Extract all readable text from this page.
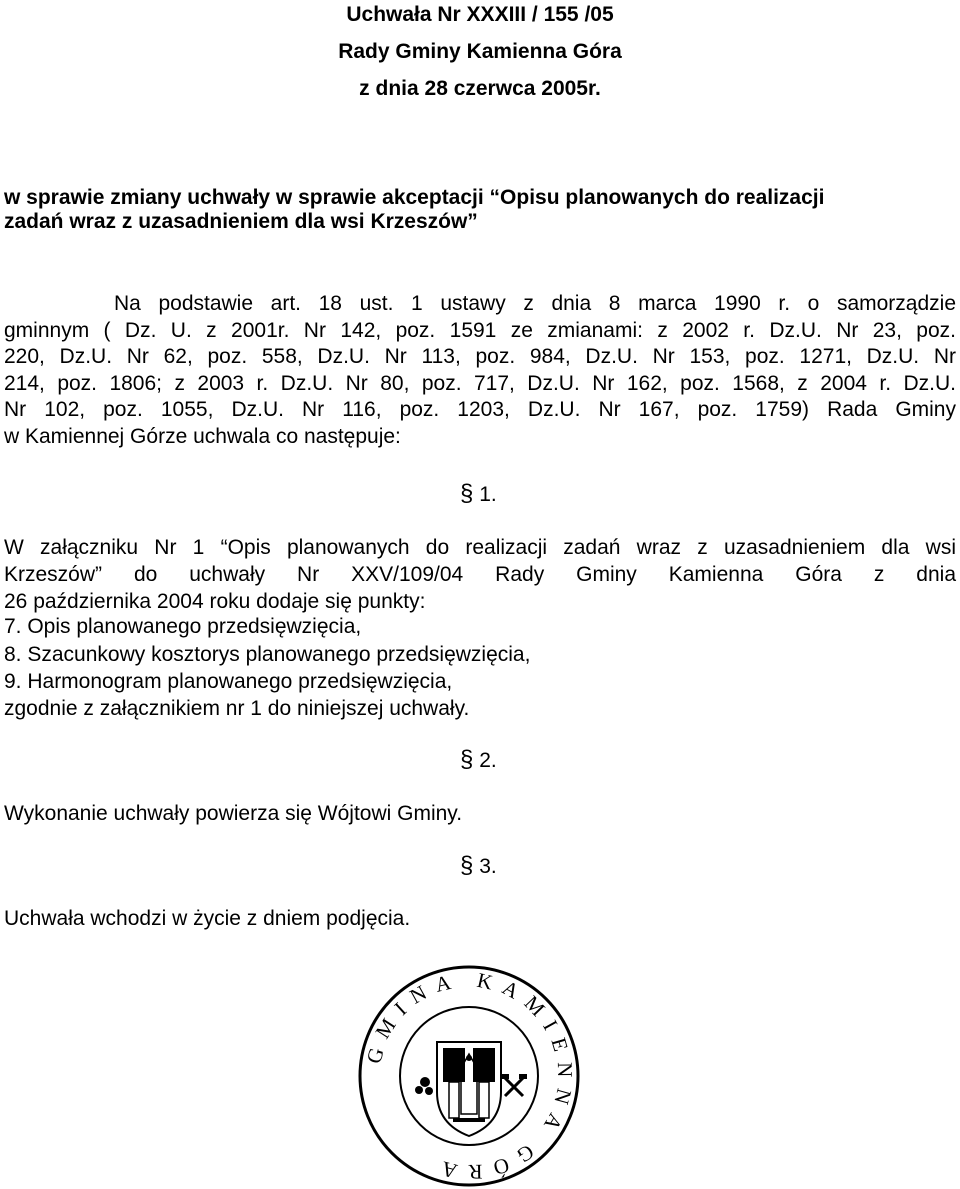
Uchwała Nr XXXIII / 155 /05
Rady Gminy Kamienna Góra
z dnia 28 czerwca 2005r.
w sprawie zmiany uchwały w sprawie akceptacji “Opisu planowanych do realizacji
zadań wraz z uzasadnieniem dla wsi Krzeszów”
Na podstawie art. 18 ust. 1 ustawy z dnia 8 marca 1990 r. o samorządzie
gminnym ( Dz. U. z 2001r. Nr 142, poz. 1591 ze zmianami: z 2002 r. Dz.U. Nr 23, poz.
220, Dz.U. Nr 62, poz. 558, Dz.U. Nr 113, poz. 984, Dz.U. Nr 153, poz. 1271, Dz.U. Nr
214, poz. 1806; z 2003 r. Dz.U. Nr 80, poz. 717, Dz.U. Nr 162, poz. 1568, z 2004 r. Dz.U.
Nr 102, poz. 1055, Dz.U. Nr 116, poz. 1203, Dz.U. Nr 167, poz. 1759) Rada Gminy
w Kamiennej Górze uchwala co następuje:
§ 1.
W załączniku Nr 1 “Opis planowanych do realizacji zadań wraz z uzasadnieniem dla wsi
Krzeszów” do uchwały Nr XXV/109/04 Rady Gminy Kamienna Góra z dnia
26 października 2004 roku dodaje się punkty:
7. Opis planowanego przedsięwzięcia,
8. Szacunkowy kosztorys planowanego przedsięwzięcia,
9. Harmonogram planowanego przedsięwzięcia,
zgodnie z załącznikiem nr 1 do niniejszej uchwały.
§ 2.
Wykonanie uchwały powierza się Wójtowi Gminy.
§ 3.
Uchwała wchodzi w życie z dniem podjęcia.
GMINA KAMIENNA GÓRA
